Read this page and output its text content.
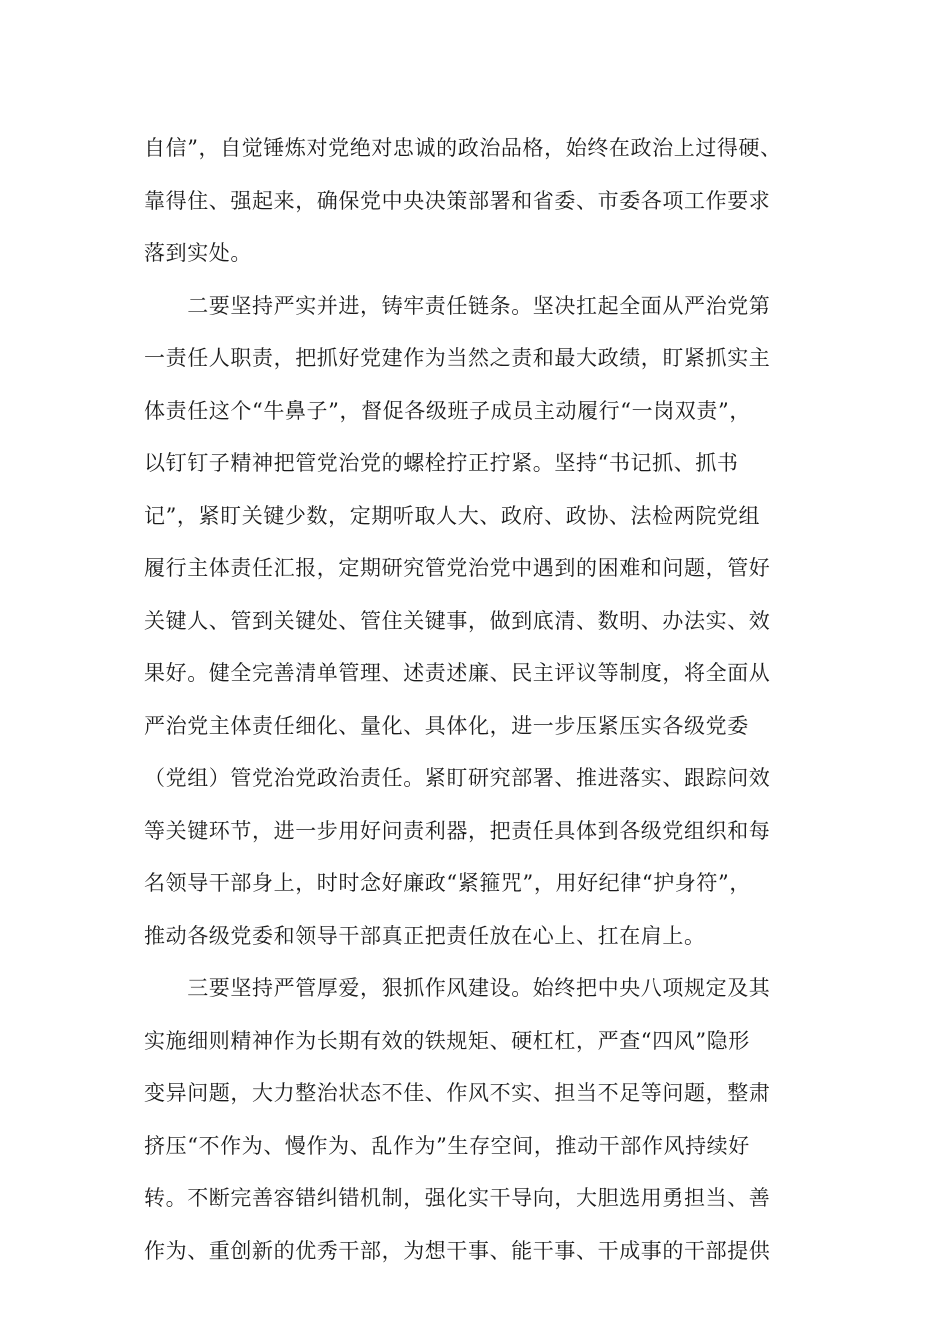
自信”，自觉锤炼对党绝对忠诚的政治品格，始终在政治上过得硬、
靠得住、强起来，确保党中央决策部署和省委、市委各项工作要求
落到实处。
　　二要坚持严实并进，铸牢责任链条。坚决扛起全面从严治党第
一责任人职责，把抓好党建作为当然之责和最大政绩，盯紧抓实主
体责任这个“牛鼻子”，督促各级班子成员主动履行“一岗双责”，
以钉钉子精神把管党治党的螺栓拧正拧紧。坚持“书记抓、抓书
记”，紧盯关键少数，定期听取人大、政府、政协、法检两院党组
履行主体责任汇报，定期研究管党治党中遇到的困难和问题，管好
关键人、管到关键处、管住关键事，做到底清、数明、办法实、效
果好。健全完善清单管理、述责述廉、民主评议等制度，将全面从
严治党主体责任细化、量化、具体化，进一步压紧压实各级党委
（党组）管党治党政治责任。紧盯研究部署、推进落实、跟踪问效
等关键环节，进一步用好问责利器，把责任具体到各级党组织和每
名领导干部身上，时时念好廉政“紧箍咒”，用好纪律“护身符”，
推动各级党委和领导干部真正把责任放在心上、扛在肩上。
　　三要坚持严管厚爱，狠抓作风建设。始终把中央八项规定及其
实施细则精神作为长期有效的铁规矩、硬杠杠，严查“四风”隐形
变异问题，大力整治状态不佳、作风不实、担当不足等问题，整肃
挤压“不作为、慢作为、乱作为”生存空间，推动干部作风持续好
转。不断完善容错纠错机制，强化实干导向，大胆选用勇担当、善
作为、重创新的优秀干部，为想干事、能干事、干成事的干部提供
